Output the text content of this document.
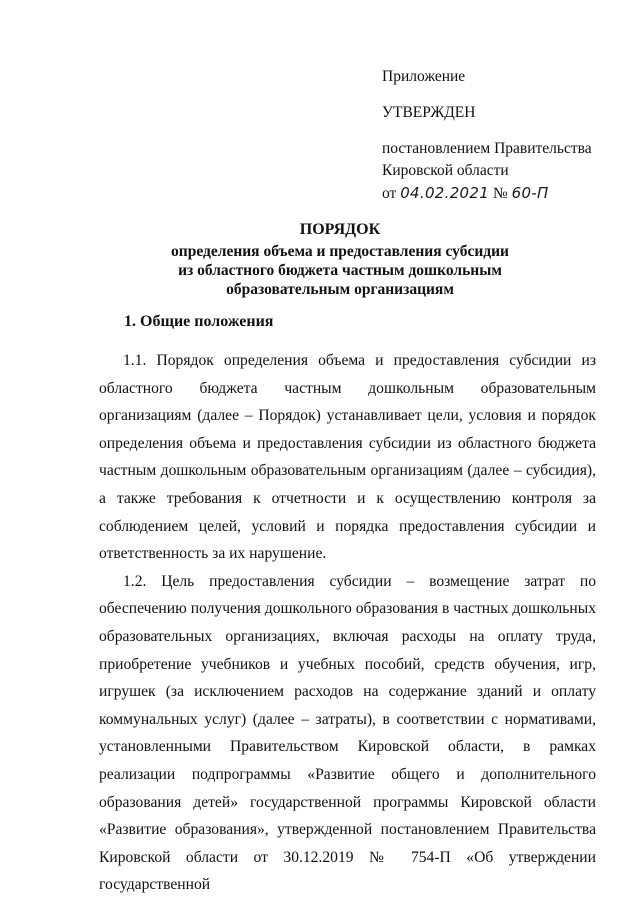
Приложение
УТВЕРЖДЕН
постановлением Правительства
Кировской области
от 04.02.2021 № 60-П
ПОРЯДОК
определения объема и предоставления субсидии
из областного бюджета частным дошкольным
образовательным организациям
1. Общие положения

1.1. Порядок определения объема и предоставления субсидии из областного бюджета частным дошкольным образовательным организациям (далее – Порядок) устанавливает цели, условия и порядок определения объема и предоставления субсидии из областного бюджета частным дошкольным образовательным организациям (далее – субсидия), а также требования к отчетности и к осуществлению контроля за соблюдением целей, условий и порядка предоставления субсидии и ответственность за их нарушение.

1.2. Цель предоставления субсидии – возмещение затрат по обеспечению получения дошкольного образования в частных дошкольных образовательных организациях, включая расходы на оплату труда, приобретение учебников и учебных пособий, средств обучения, игр, игрушек (за исключением расходов на содержание зданий и оплату коммунальных услуг) (далее – затраты), в соответствии с нормативами, установленными Правительством Кировской области, в рамках реализации подпрограммы «Развитие общего и дополнительного образования детей» государственной программы Кировской области «Развитие образования», утвержденной постановлением Правительства Кировской области от 30.12.2019 № 754-П «Об утверждении государственной
